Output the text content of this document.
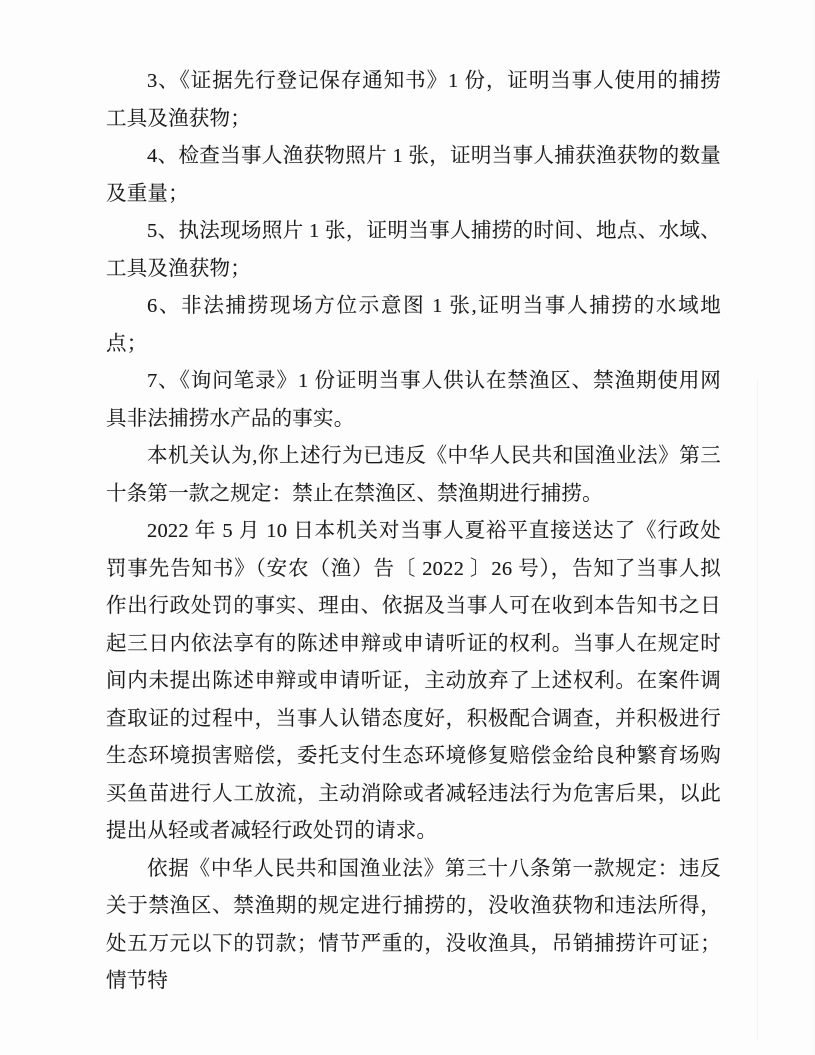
3、《证据先行登记保存通知书》1 份，证明当事人使用的捕捞工具及渔获物；

4、检查当事人渔获物照片 1 张，证明当事人捕获渔获物的数量及重量；

5、执法现场照片 1 张，证明当事人捕捞的时间、地点、水域、工具及渔获物；

6、非法捕捞现场方位示意图 1 张,证明当事人捕捞的水域地点；

7、《询问笔录》1 份证明当事人供认在禁渔区、禁渔期使用网具非法捕捞水产品的事实。

本机关认为,你上述行为已违反《中华人民共和国渔业法》第三十条第一款之规定：禁止在禁渔区、禁渔期进行捕捞。

2022 年 5 月 10 日本机关对当事人夏裕平直接送达了《行政处罚事先告知书》（安农（渔）告〔 2022 〕26 号），告知了当事人拟作出行政处罚的事实、理由、依据及当事人可在收到本告知书之日起三日内依法享有的陈述申辩或申请听证的权利。当事人在规定时间内未提出陈述申辩或申请听证，主动放弃了上述权利。在案件调查取证的过程中，当事人认错态度好，积极配合调查，并积极进行生态环境损害赔偿，委托支付生态环境修复赔偿金给良种繁育场购买鱼苗进行人工放流，主动消除或者减轻违法行为危害后果，以此提出从轻或者减轻行政处罚的请求。

依据《中华人民共和国渔业法》第三十八条第一款规定：违反关于禁渔区、禁渔期的规定进行捕捞的，没收渔获物和违法所得，处五万元以下的罚款；情节严重的，没收渔具，吊销捕捞许可证；情节特
